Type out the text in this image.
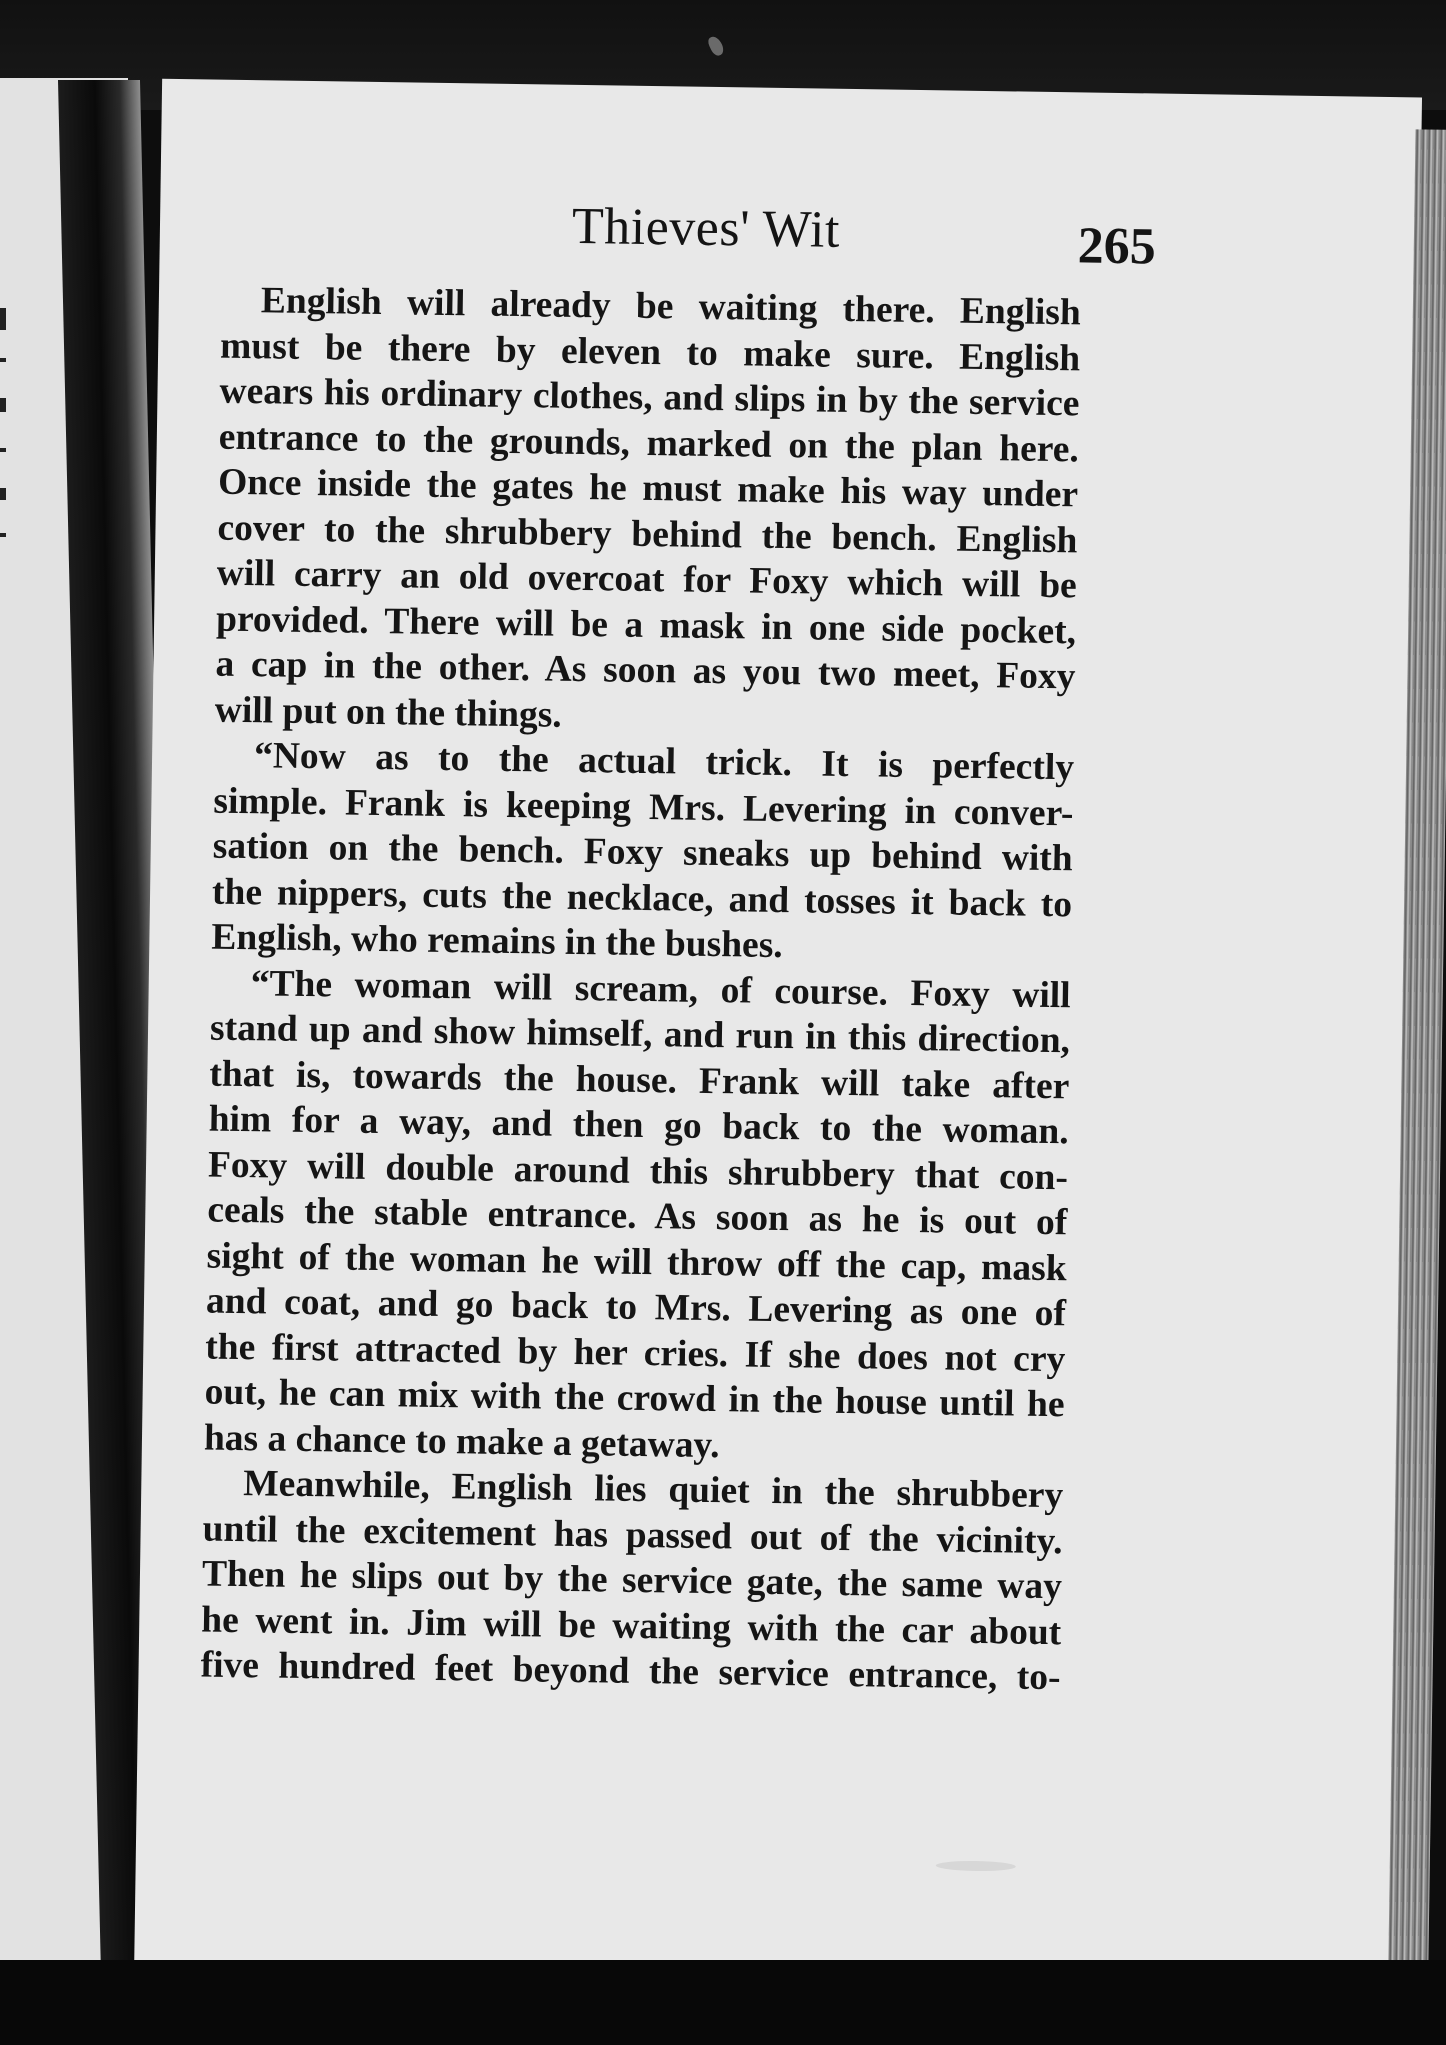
Thieves' Wit	265
English will already be waiting there. English
must be there by eleven to make sure. English
wears his ordinary clothes, and slips in by the service
entrance to the grounds, marked on the plan here.
Once inside the gates he must make his way under
cover to the shrubbery behind the bench. English
will carry an old overcoat for Foxy which will be
provided. There will be a mask in one side pocket,
a cap in the other. As soon as you two meet, Foxy
will put on the things.
“Now as to the actual trick. It is perfectly
simple. Frank is keeping Mrs. Levering in conver-
sation on the bench. Foxy sneaks up behind with
the nippers, cuts the necklace, and tosses it back to
English, who remains in the bushes.
“The woman will scream, of course. Foxy will
stand up and show himself, and run in this direction,
that is, towards the house. Frank will take after
him for a way, and then go back to the woman.
Foxy will double around this shrubbery that con-
ceals the stable entrance. As soon as he is out of
sight of the woman he will throw off the cap, mask
and coat, and go back to Mrs. Levering as one of
the first attracted by her cries. If she does not cry
out, he can mix with the crowd in the house until he
has a chance to make a getaway.
Meanwhile, English lies quiet in the shrubbery
until the excitement has passed out of the vicinity.
Then he slips out by the service gate, the same way
he went in. Jim will be waiting with the car about
five hundred feet beyond the service entrance, to-
